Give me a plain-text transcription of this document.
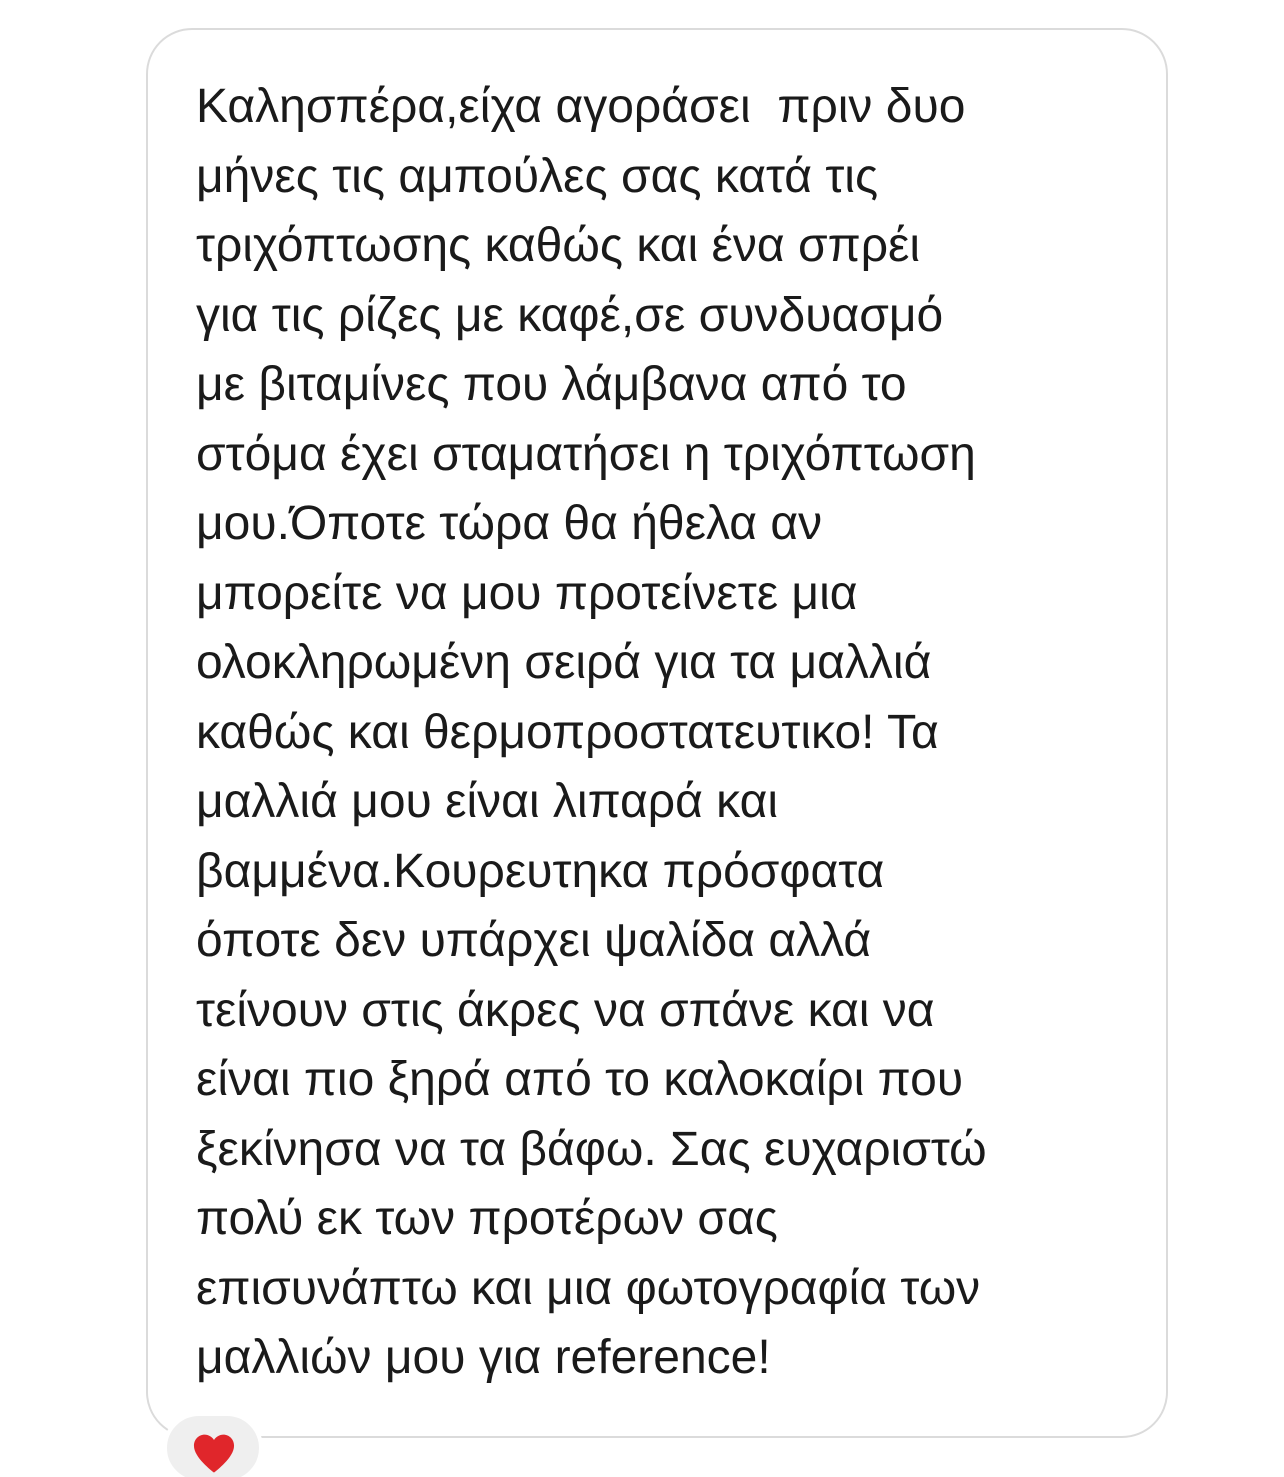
Καλησπέρα,είχα αγοράσει  πριν δυο
μήνες τις αμπούλες σας κατά τις
τριχόπτωσης καθώς και ένα σπρέι
για τις ρίζες με καφέ,σε συνδυασμό
με βιταμίνες που λάμβανα από το
στόμα έχει σταματήσει η τριχόπτωση
μου.Όποτε τώρα θα ήθελα αν
μπορείτε να μου προτείνετε μια
ολοκληρωμένη σειρά για τα μαλλιά
καθώς και θερμοπροστατευτικο! Τα
μαλλιά μου είναι λιπαρά και
βαμμένα.Κουρευτηκα πρόσφατα
όποτε δεν υπάρχει ψαλίδα αλλά
τείνουν στις άκρες να σπάνε και να
είναι πιο ξηρά από το καλοκαίρι που
ξεκίνησα να τα βάφω. Σας ευχαριστώ
πολύ εκ των προτέρων σας
επισυνάπτω και μια φωτογραφία των
μαλλιών μου για reference!
